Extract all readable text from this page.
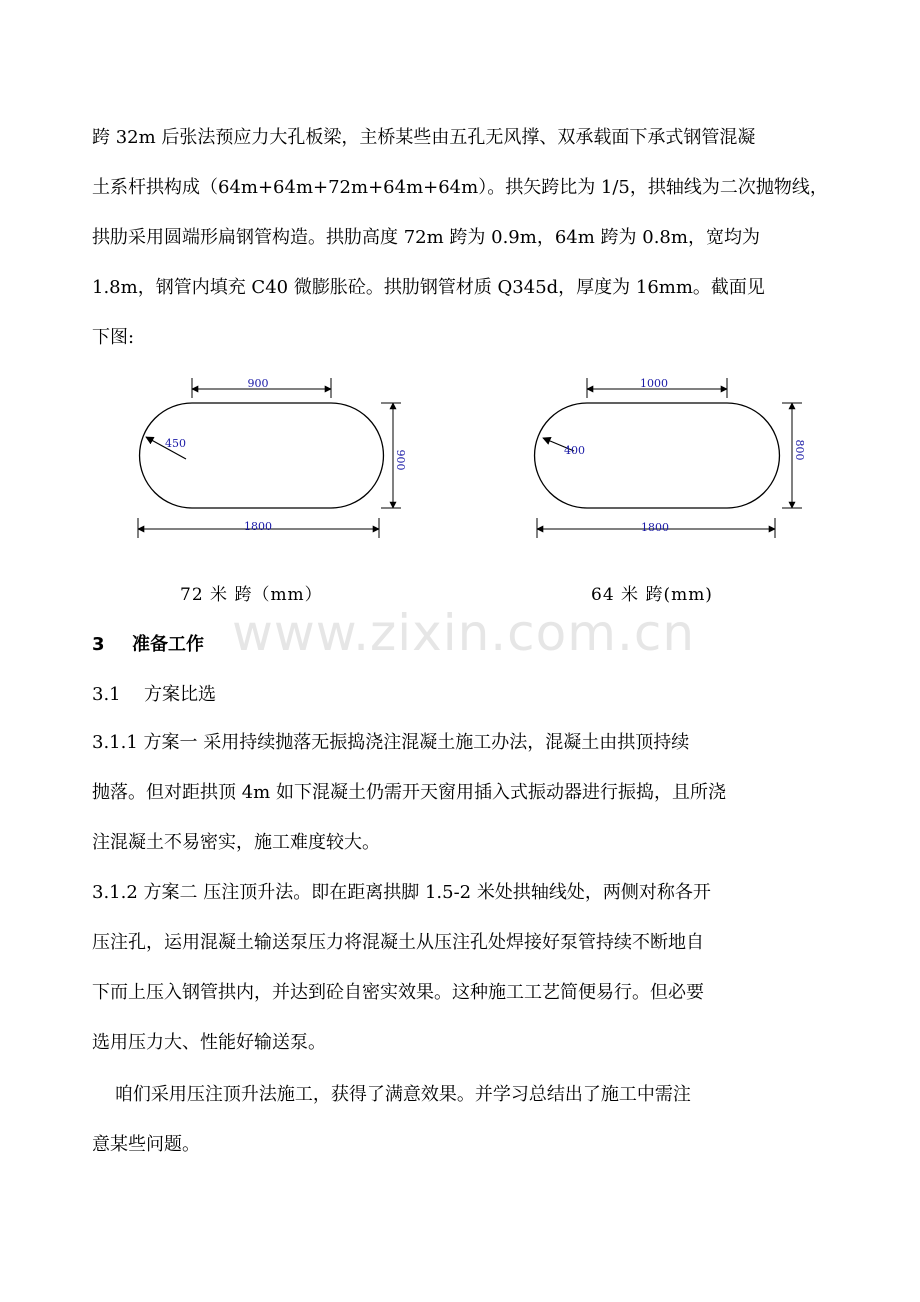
跨 32m 后张法预应力大孔板梁，主桥某些由五孔无风撑、双承载面下承式钢管混凝
土系杆拱构成（64m+64m+72m+64m+64m）。拱矢跨比为 1/5，拱轴线为二次抛物线，
拱肋采用圆端形扁钢管构造。拱肋高度 72m 跨为 0.9m，64m 跨为 0.8m，宽均为
1.8m，钢管内填充 C40 微膨胀砼。拱肋钢管材质 Q345d，厚度为 16mm。截面见
下图:
900
450
900
1800
1000
400	800
1800
72 米 跨（mm）	64 米 跨(mm)
www.zixin.com.cn
3 准备工作
3.1 方案比选
3.1.1 方案一 采用持续抛落无振捣浇注混凝土施工办法，混凝土由拱顶持续
抛落。但对距拱顶 4m 如下混凝土仍需开天窗用插入式振动器进行振捣，且所浇
注混凝土不易密实，施工难度较大。
3.1.2 方案二 压注顶升法。即在距离拱脚 1.5-2 米处拱轴线处，两侧对称各开
压注孔，运用混凝土输送泵压力将混凝土从压注孔处焊接好泵管持续不断地自
下而上压入钢管拱内，并达到砼自密实效果。这种施工工艺简便易行。但必要
选用压力大、性能好输送泵。
咱们采用压注顶升法施工，获得了满意效果。并学习总结出了施工中需注
意某些问题。
